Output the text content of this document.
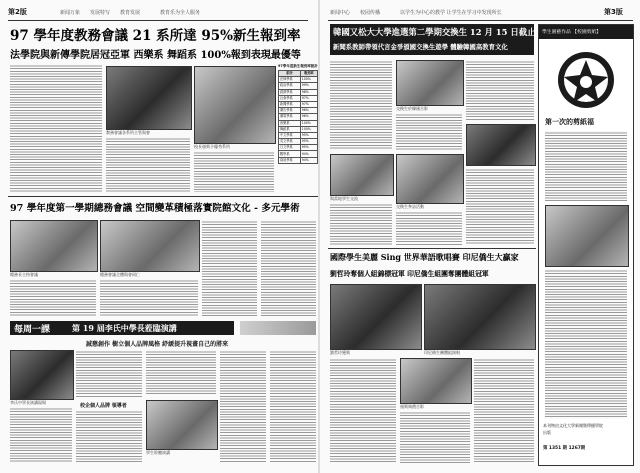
第2版	新闻万象 发展特写 教育发展	教育乐为全人服务	新闻中心 校园传播	以学生为中心的教学 让学生在学习中发现所长	第3版
97 學年度教務會議 21 系所達 95%新生報到率
法學院與新傳學院居冠亞軍 西樂系 舞蹈系 100%報到表現最優等
教務會議各系所主管與會
校長頒獎予優秀系所
97學年度新生報到率統計
系所	報到率
法律學系	100%
政治學系	99%
經濟學系	98%
社會學系	97%
新聞學系	97%
廣告學系	96%
廣電學系	96%
西樂系	100%
舞蹈系	100%
中文學系	95%
英文學系	95%
日文學系	95%
數學系	94%
資訊學系	94%
97 學年度第一學期總務會議 空間變革積極落實院館文化 - 多元學術
總務長主持會議	總務會議全體與會同仁
每周一課	第 19 屆李氏中學長蒞臨演講
誠懇創作 樹立個人品牌風格 紓緩提升視畫自己的將來
李氏中學長演講現場
校企個人品牌 領導者
學生聆聽演講
韓國又松大大學進選第二學期交換生 12 月 15 日截止
新聞系教師帶領代言金爭頒國交換生遊學 體驗韓國高教育文化
交換生於韓國合影
與當地學生交流
交換生參訪活動
國際學生美麗 Sing 世界華語歌唱賽 印尼僑生大贏家
劉哲玲奪個人組錦標冠軍 印尼僑生組團奪團體組冠軍
劉哲玲獲獎	印尼僑生團體組演唱
頒獎典禮合影
學生園藝作品 【校園剪紙】
第一次的剪紙福
本刊物由文化大學新聞暨傳播學院
出版
第 1351 期 1267期
